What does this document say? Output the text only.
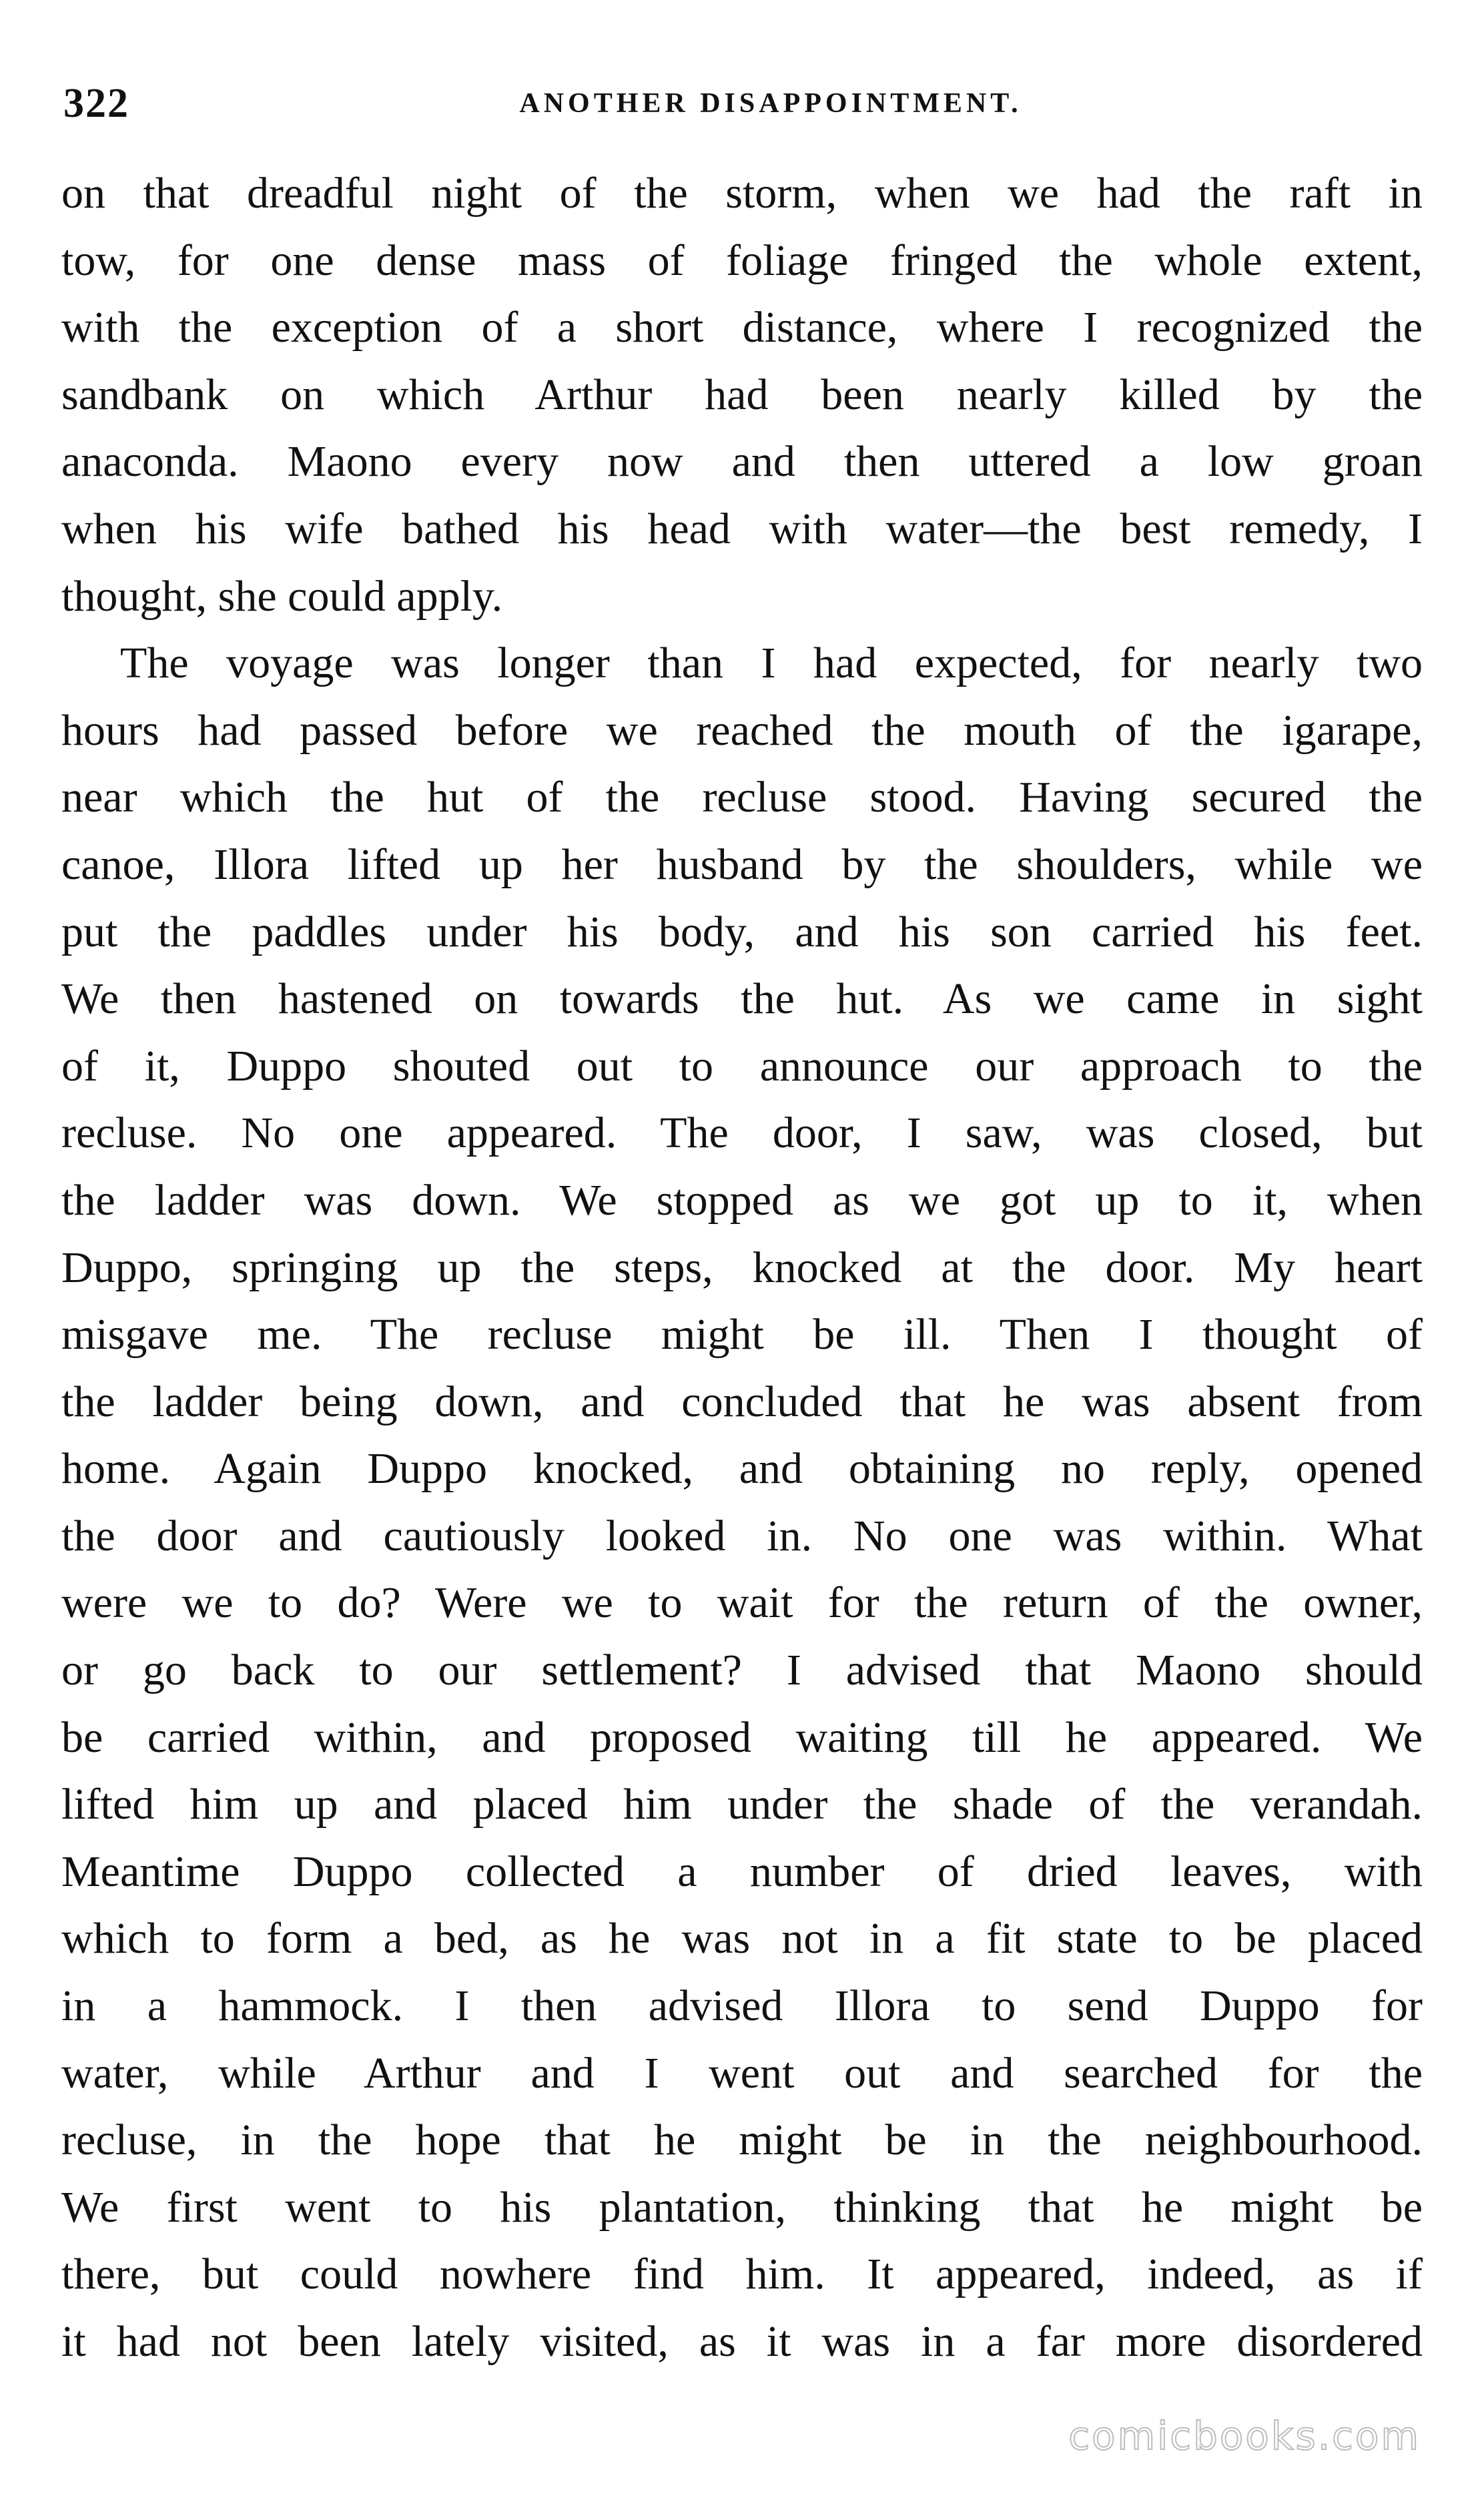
322	ANOTHER DISAPPOINTMENT.
on that dreadful night of the storm, when we had the raft in
tow, for one dense mass of foliage fringed the whole extent,
with the exception of a short distance, where I recognized the
sandbank on which Arthur had been nearly killed by the
anaconda. Maono every now and then uttered a low groan
when his wife bathed his head with water—the best remedy, I
thought, she could apply.
The voyage was longer than I had expected, for nearly two
hours had passed before we reached the mouth of the igarape,
near which the hut of the recluse stood. Having secured the
canoe, Illora lifted up her husband by the shoulders, while we
put the paddles under his body, and his son carried his feet.
We then hastened on towards the hut. As we came in sight
of it, Duppo shouted out to announce our approach to the
recluse. No one appeared. The door, I saw, was closed, but
the ladder was down. We stopped as we got up to it, when
Duppo, springing up the steps, knocked at the door. My heart
misgave me. The recluse might be ill. Then I thought of
the ladder being down, and concluded that he was absent from
home. Again Duppo knocked, and obtaining no reply, opened
the door and cautiously looked in. No one was within. What
were we to do? Were we to wait for the return of the owner,
or go back to our settlement? I advised that Maono should
be carried within, and proposed waiting till he appeared. We
lifted him up and placed him under the shade of the verandah.
Meantime Duppo collected a number of dried leaves, with
which to form a bed, as he was not in a fit state to be placed
in a hammock. I then advised Illora to send Duppo for
water, while Arthur and I went out and searched for the
recluse, in the hope that he might be in the neighbourhood.
We first went to his plantation, thinking that he might be
there, but could nowhere find him. It appeared, indeed, as if
it had not been lately visited, as it was in a far more disordered
comicbooks.com
